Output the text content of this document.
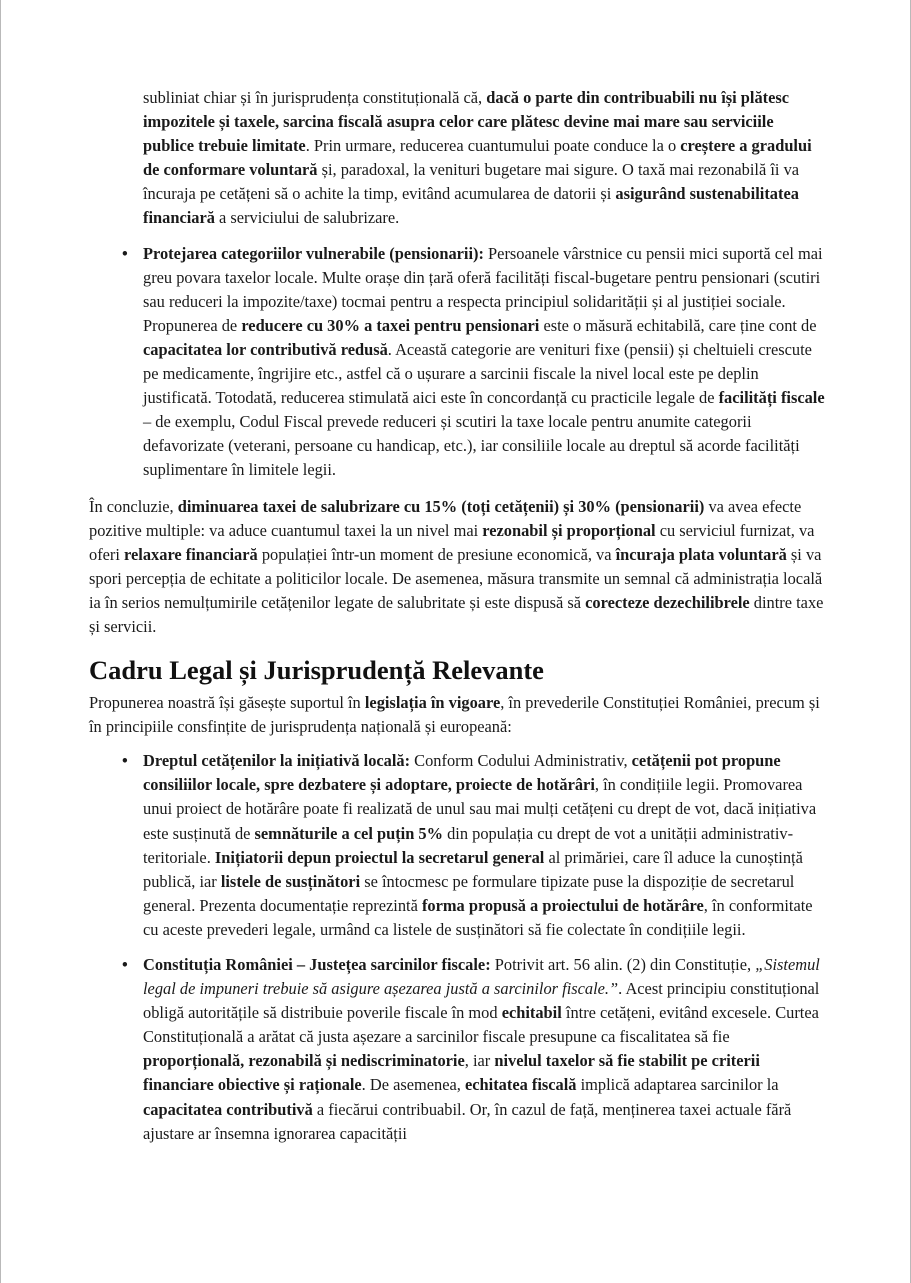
subliniat chiar și în jurisprudența constituțională că, dacă o parte din contribuabili nu își plătesc impozitele și taxele, sarcina fiscală asupra celor care plătesc devine mai mare sau serviciile publice trebuie limitate. Prin urmare, reducerea cuantumului poate conduce la o creștere a gradului de conformare voluntară și, paradoxal, la venituri bugetare mai sigure. O taxă mai rezonabilă îi va încuraja pe cetățeni să o achite la timp, evitând acumularea de datorii și asigurând sustenabilitatea financiară a serviciului de salubrizare.
• Protejarea categoriilor vulnerabile (pensionarii): Persoanele vârstnice cu pensii mici suportă cel mai greu povara taxelor locale. Multe orașe din țară oferă facilități fiscal-bugetare pentru pensionari (scutiri sau reduceri la impozite/taxe) tocmai pentru a respecta principiul solidarității și al justiției sociale. Propunerea de reducere cu 30% a taxei pentru pensionari este o măsură echitabilă, care ține cont de capacitatea lor contributivă redusă. Această categorie are venituri fixe (pensii) și cheltuieli crescute pe medicamente, îngrijire etc., astfel că o ușurare a sarcinii fiscale la nivel local este pe deplin justificată. Totodată, reducerea stimulată aici este în concordanță cu practicile legale de facilități fiscale – de exemplu, Codul Fiscal prevede reduceri și scutiri la taxe locale pentru anumite categorii defavorizate (veterani, persoane cu handicap, etc.), iar consiliile locale au dreptul să acorde facilități suplimentare în limitele legii.

În concluzie, diminuarea taxei de salubrizare cu 15% (toți cetățenii) și 30% (pensionarii) va avea efecte pozitive multiple: va aduce cuantumul taxei la un nivel mai rezonabil și proporțional cu serviciul furnizat, va oferi relaxare financiară populației într-un moment de presiune economică, va încuraja plata voluntară și va spori percepția de echitate a politicilor locale. De asemenea, măsura transmite un semnal că administrația locală ia în serios nemulțumirile cetățenilor legate de salubritate și este dispusă să corecteze dezechilibrele dintre taxe și servicii.

Cadru Legal și Jurisprudență Relevante

Propunerea noastră își găsește suportul în legislația în vigoare, în prevederile Constituției României, precum și în principiile consfințite de jurisprudența națională și europeană:

• Dreptul cetățenilor la inițiativă locală: Conform Codului Administrativ, cetățenii pot propune consiliilor locale, spre dezbatere și adoptare, proiecte de hotărâri, în condițiile legii. Promovarea unui proiect de hotărâre poate fi realizată de unul sau mai mulți cetățeni cu drept de vot, dacă inițiativa este susținută de semnăturile a cel puțin 5% din populația cu drept de vot a unității administrativ-teritoriale. Inițiatorii depun proiectul la secretarul general al primăriei, care îl aduce la cunoștință publică, iar listele de susținători se întocmesc pe formulare tipizate puse la dispoziție de secretarul general. Prezenta documentație reprezintă forma propusă a proiectului de hotărâre, în conformitate cu aceste prevederi legale, urmând ca listele de susținători să fie colectate în condițiile legii.
• Constituția României – Justețea sarcinilor fiscale: Potrivit art. 56 alin. (2) din Constituție, „Sistemul legal de impuneri trebuie să asigure așezarea justă a sarcinilor fiscale.”. Acest principiu constituțional obligă autoritățile să distribuie poverile fiscale în mod echitabil între cetățeni, evitând excesele. Curtea Constituțională a arătat că justa așezare a sarcinilor fiscale presupune ca fiscalitatea să fie proporțională, rezonabilă și nediscriminatorie, iar nivelul taxelor să fie stabilit pe criterii financiare obiective și raționale. De asemenea, echitatea fiscală implică adaptarea sarcinilor la capacitatea contributivă a fiecărui contribuabil. Or, în cazul de față, menținerea taxei actuale fără ajustare ar însemna ignorarea capacității
